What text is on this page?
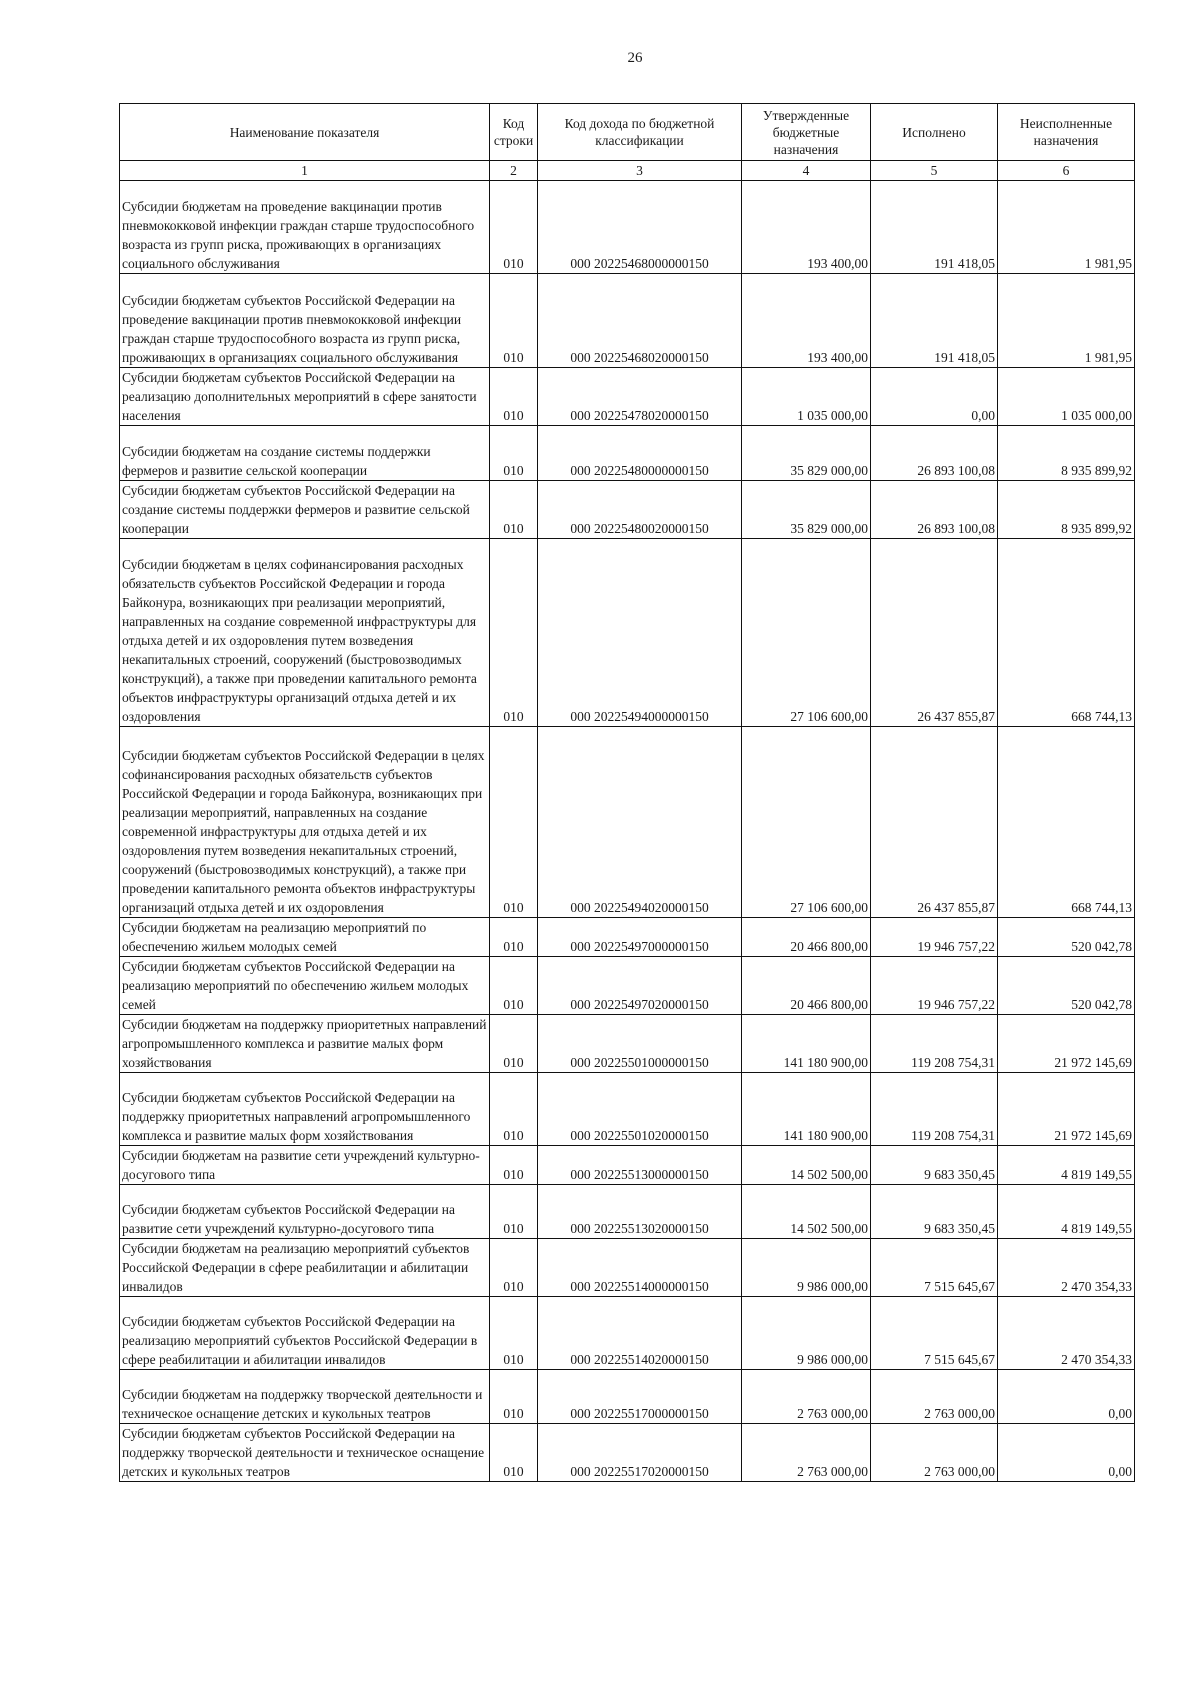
26
Наименование показателя	Код строки	Код дохода по бюджетной классификации	Утвержденные бюджетные назначения	Исполнено	Неисполненные назначения
1	2	3	4	5	6
Субсидии бюджетам на проведение вакцинации против пневмококковой инфекции граждан старше трудоспособного возраста из групп риска, проживающих в организациях социального обслуживания	010	000 20225468000000150	193 400,00	191 418,05	1 981,95
Субсидии бюджетам субъектов Российской Федерации на проведение вакцинации против пневмококковой инфекции граждан старше трудоспособного возраста из групп риска, проживающих в организациях социального обслуживания	010	000 20225468020000150	193 400,00	191 418,05	1 981,95
Субсидии бюджетам субъектов Российской Федерации на реализацию дополнительных мероприятий в сфере занятости населения	010	000 20225478020000150	1 035 000,00	0,00	1 035 000,00
Субсидии бюджетам на создание системы поддержки фермеров и развитие сельской кооперации	010	000 20225480000000150	35 829 000,00	26 893 100,08	8 935 899,92
Субсидии бюджетам субъектов Российской Федерации на создание системы поддержки фермеров и развитие сельской кооперации	010	000 20225480020000150	35 829 000,00	26 893 100,08	8 935 899,92
Субсидии бюджетам в целях софинансирования расходных обязательств субъектов Российской Федерации и города Байконура, возникающих при реализации мероприятий, направленных на создание современной инфраструктуры для отдыха детей и их оздоровления путем возведения некапитальных строений, сооружений (быстровозводимых конструкций), а также при проведении капитального ремонта объектов инфраструктуры организаций отдыха детей и их оздоровления	010	000 20225494000000150	27 106 600,00	26 437 855,87	668 744,13
Субсидии бюджетам субъектов Российской Федерации в целях софинансирования расходных обязательств субъектов Российской Федерации и города Байконура, возникающих при реализации мероприятий, направленных на создание современной инфраструктуры для отдыха детей и их оздоровления путем возведения некапитальных строений, сооружений (быстровозводимых конструкций), а также при проведении капитального ремонта объектов инфраструктуры организаций отдыха детей и их оздоровления	010	000 20225494020000150	27 106 600,00	26 437 855,87	668 744,13
Субсидии бюджетам на реализацию мероприятий по обеспечению жильем молодых семей	010	000 20225497000000150	20 466 800,00	19 946 757,22	520 042,78
Субсидии бюджетам субъектов Российской Федерации на реализацию мероприятий по обеспечению жильем молодых семей	010	000 20225497020000150	20 466 800,00	19 946 757,22	520 042,78
Субсидии бюджетам на поддержку приоритетных направлений агропромышленного комплекса и развитие малых форм хозяйствования	010	000 20225501000000150	141 180 900,00	119 208 754,31	21 972 145,69
Субсидии бюджетам субъектов Российской Федерации на поддержку приоритетных направлений агропромышленного комплекса и развитие малых форм хозяйствования	010	000 20225501020000150	141 180 900,00	119 208 754,31	21 972 145,69
Субсидии бюджетам на развитие сети учреждений культурно-досугового типа	010	000 20225513000000150	14 502 500,00	9 683 350,45	4 819 149,55
Субсидии бюджетам субъектов Российской Федерации на развитие сети учреждений культурно-досугового типа	010	000 20225513020000150	14 502 500,00	9 683 350,45	4 819 149,55
Субсидии бюджетам на реализацию мероприятий субъектов Российской Федерации в сфере реабилитации и абилитации инвалидов	010	000 20225514000000150	9 986 000,00	7 515 645,67	2 470 354,33
Субсидии бюджетам субъектов Российской Федерации на реализацию мероприятий субъектов Российской Федерации в сфере реабилитации и абилитации инвалидов	010	000 20225514020000150	9 986 000,00	7 515 645,67	2 470 354,33
Субсидии бюджетам на поддержку творческой деятельности и техническое оснащение детских и кукольных театров	010	000 20225517000000150	2 763 000,00	2 763 000,00	0,00
Субсидии бюджетам субъектов Российской Федерации на поддержку творческой деятельности и техническое оснащение детских и кукольных театров	010	000 20225517020000150	2 763 000,00	2 763 000,00	0,00
